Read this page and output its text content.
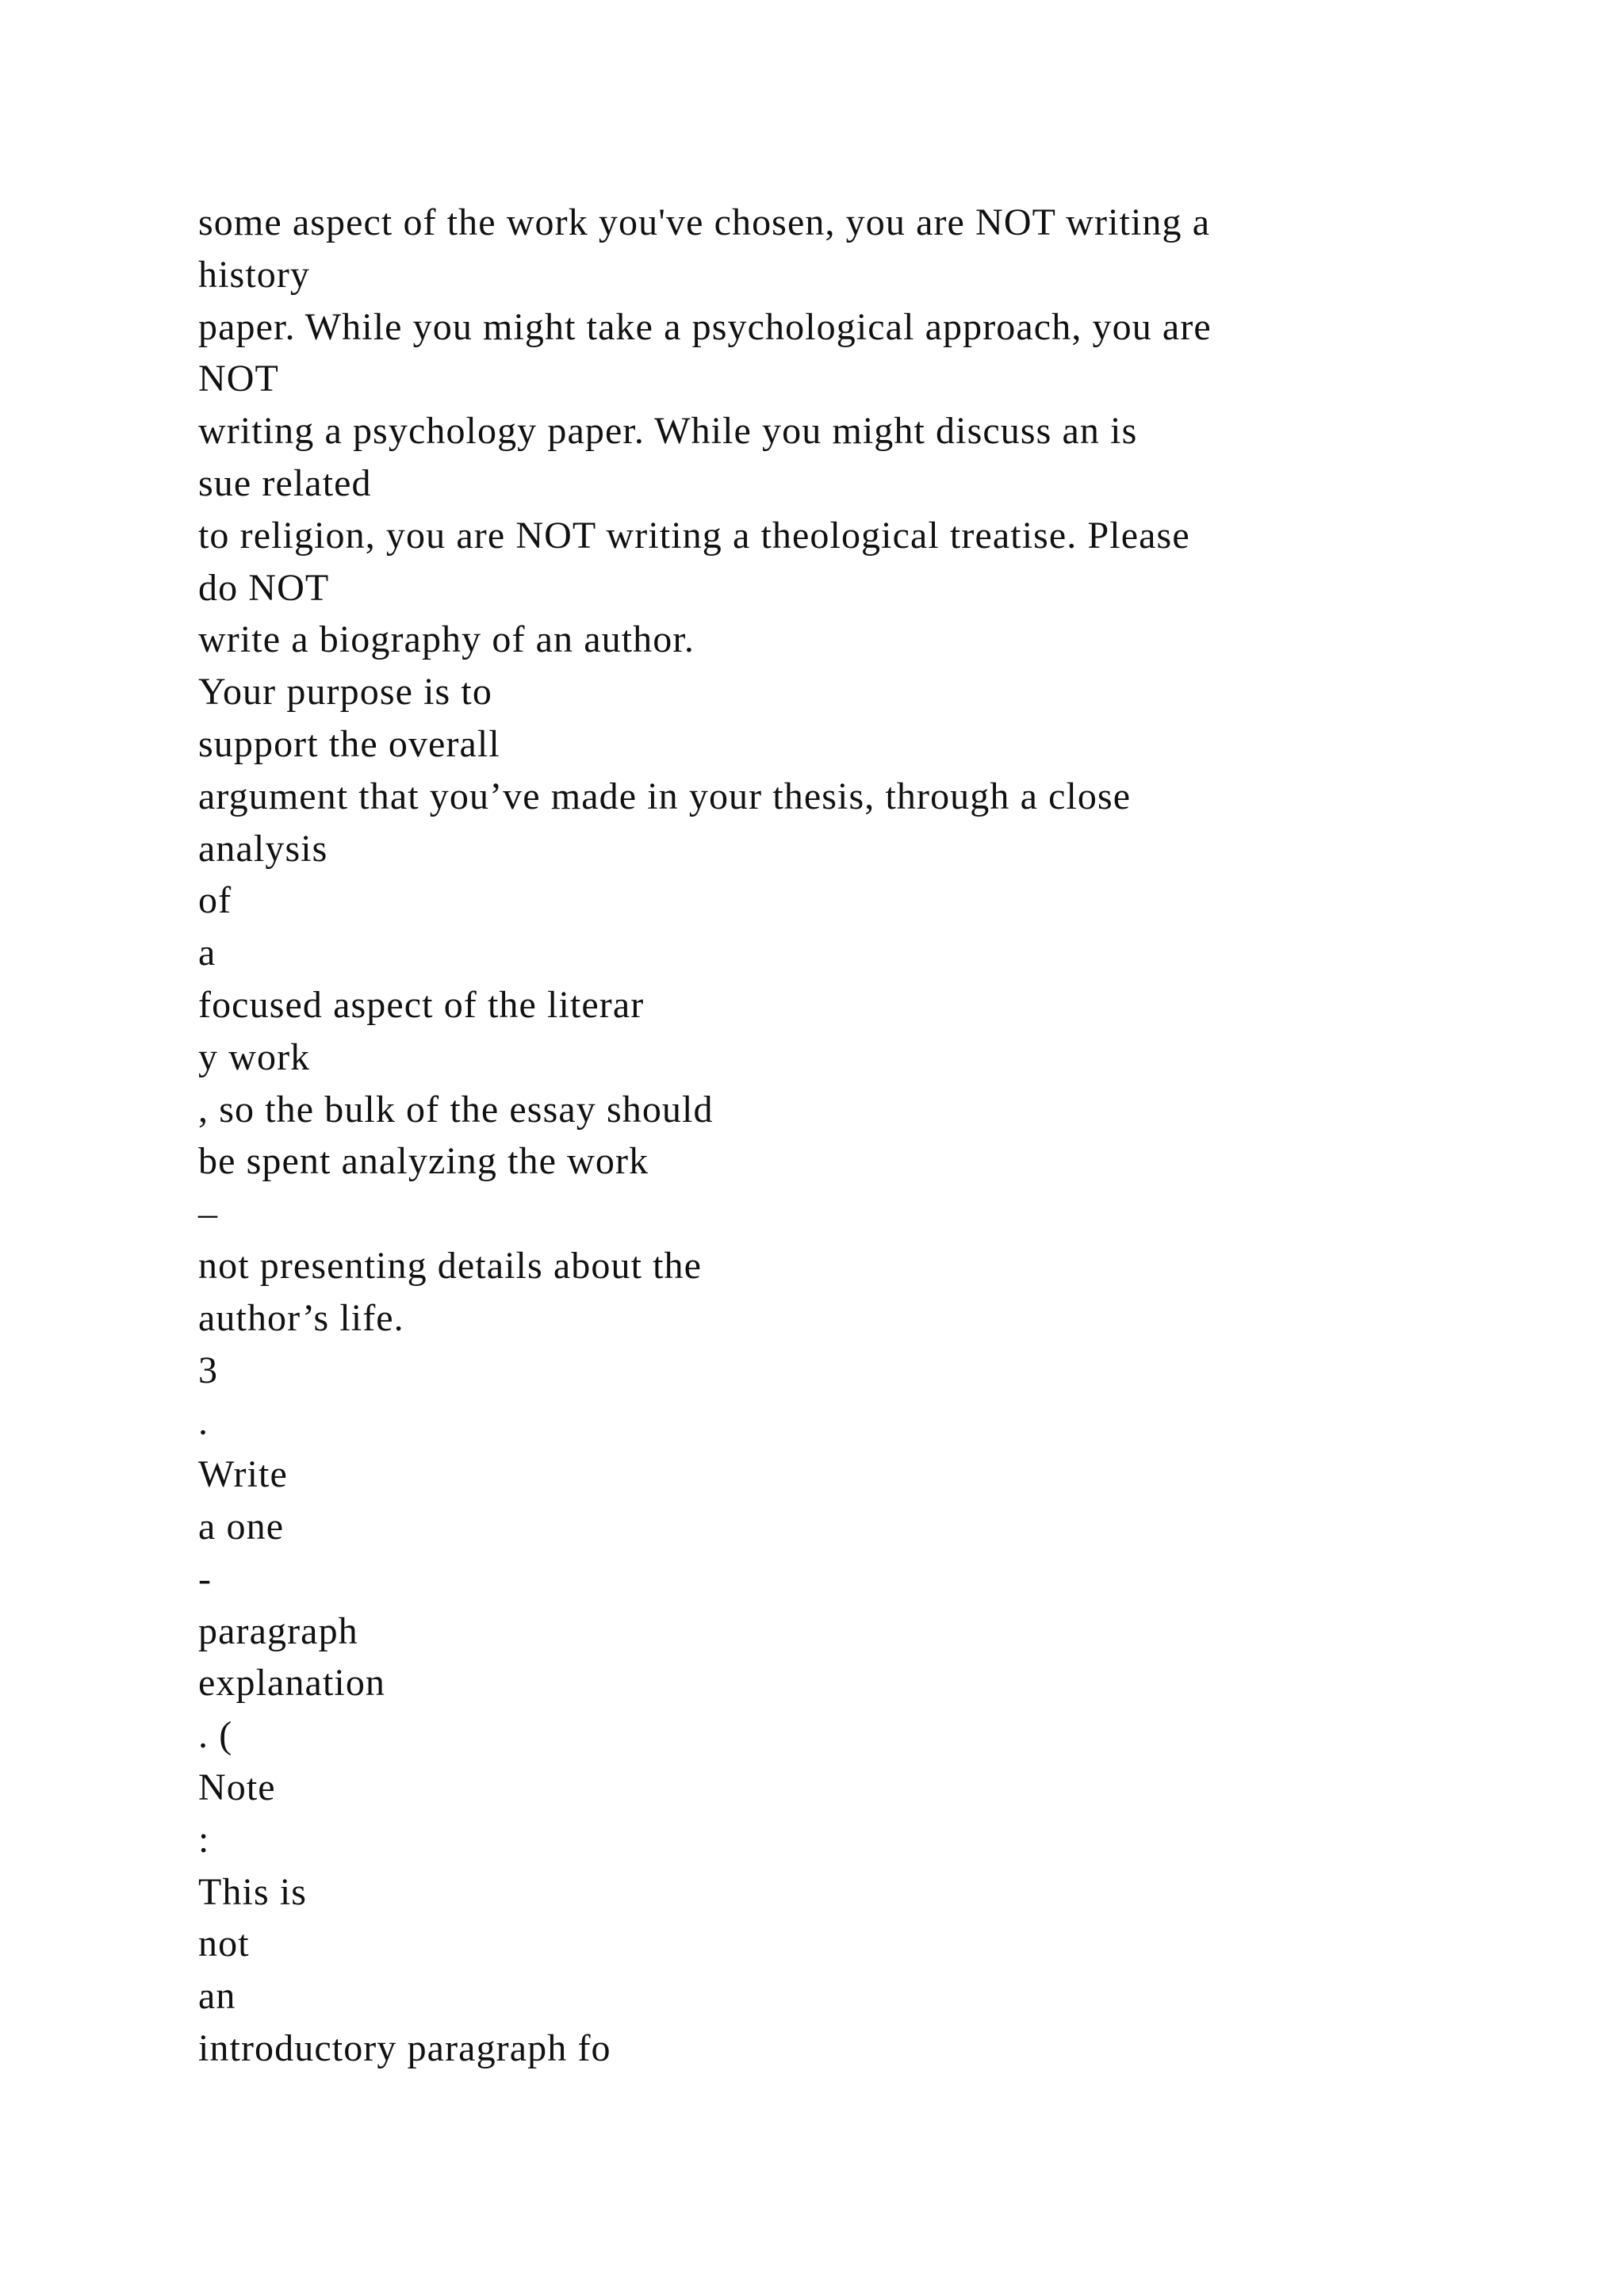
some aspect of the work you've chosen, you are NOT writing a
history
paper. While you might take a psychological approach, you are
NOT
writing a psychology paper. While you might discuss an is
sue related
to religion, you are NOT writing a theological treatise. Please
do NOT
write a biography of an author.
Your purpose is to
support the overall
argument that you’ve made in your thesis, through a close
analysis
of
a
focused aspect of the literar
y work
, so the bulk of the essay should
be spent analyzing the work
–
not presenting details about the
author’s life.
3
.
Write
a one
-
paragraph
explanation
. (
Note
:
This is
not
an
introductory paragraph fo
